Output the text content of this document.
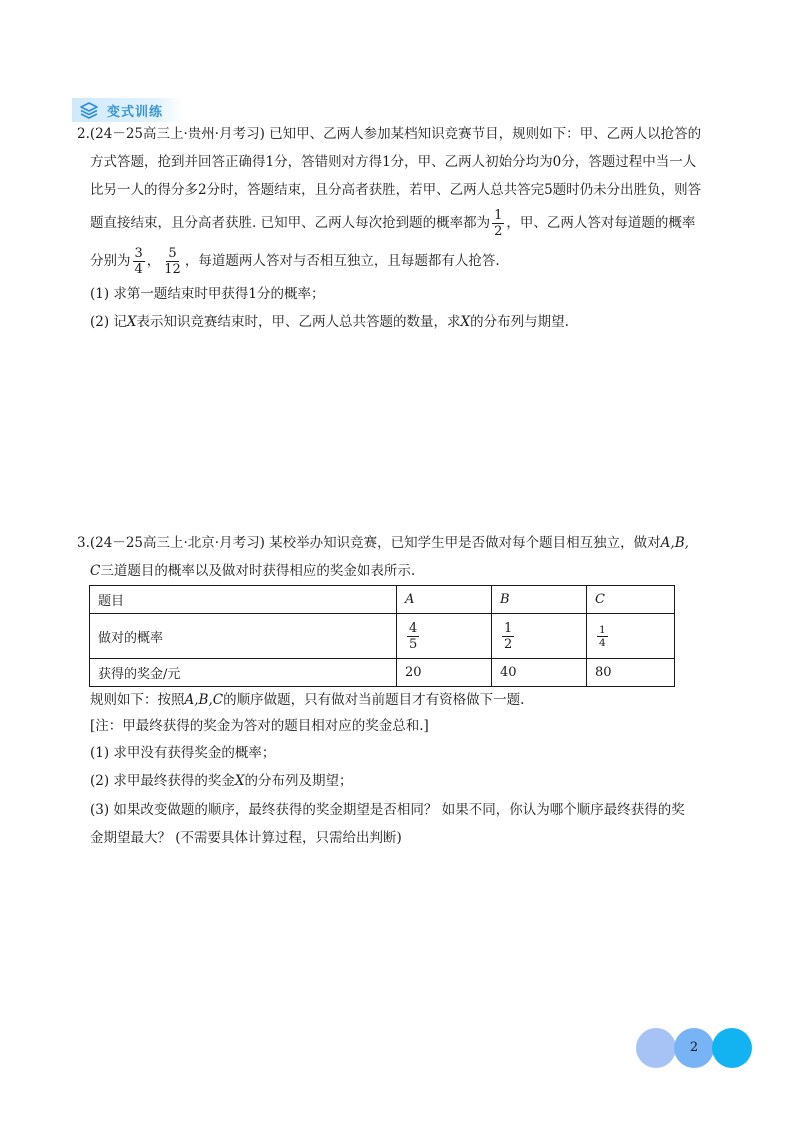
变式训练
2.(24－25高三上·贵州·月考习) 已知甲、乙两人参加某档知识竞赛节目，规则如下：甲、乙两人以抢答的
方式答题，抢到并回答正确得1分，答错则对方得1分，甲、乙两人初始分均为0分，答题过程中当一人
比另一人的得分多2分时，答题结束，且分高者获胜，若甲、乙两人总共答完5题时仍未分出胜负，则答
题直接结束，且分高者获胜. 已知甲、乙两人每次抢到题的概率都为 $\frac{1}{2}$ ，甲、乙两人答对每道题的概率
分别为 $\frac{3}{4}$ ， $\frac{5}{12}$ ，每道题两人答对与否相互独立，且每题都有人抢答.
(1) 求第一题结束时甲获得1分的概率；
(2) 记X表示知识竞赛结束时，甲、乙两人总共答题的数量，求X的分布列与期望.
3.(24－25高三上·北京·月考习) 某校举办知识竞赛，已知学生甲是否做对每个题目相互独立，做对A,B,
C三道题目的概率以及做对时获得相应的奖金如表所示.
题目	A	B	C
做对的概率	$\frac{4}{5}$	$\frac{1}{2}$	$\frac{1}{4}$

获得的奖金/元	20	40	80
规则如下：按照A,B,C的顺序做题，只有做对当前题目才有资格做下一题.
[注：甲最终获得的奖金为答对的题目相对应的奖金总和.]
(1) 求甲没有获得奖金的概率；
(2) 求甲最终获得的奖金X的分布列及期望；
(3) 如果改变做题的顺序，最终获得的奖金期望是否相同？ 如果不同，你认为哪个顺序最终获得的奖
金期望最大？ (不需要具体计算过程，只需给出判断)
2
